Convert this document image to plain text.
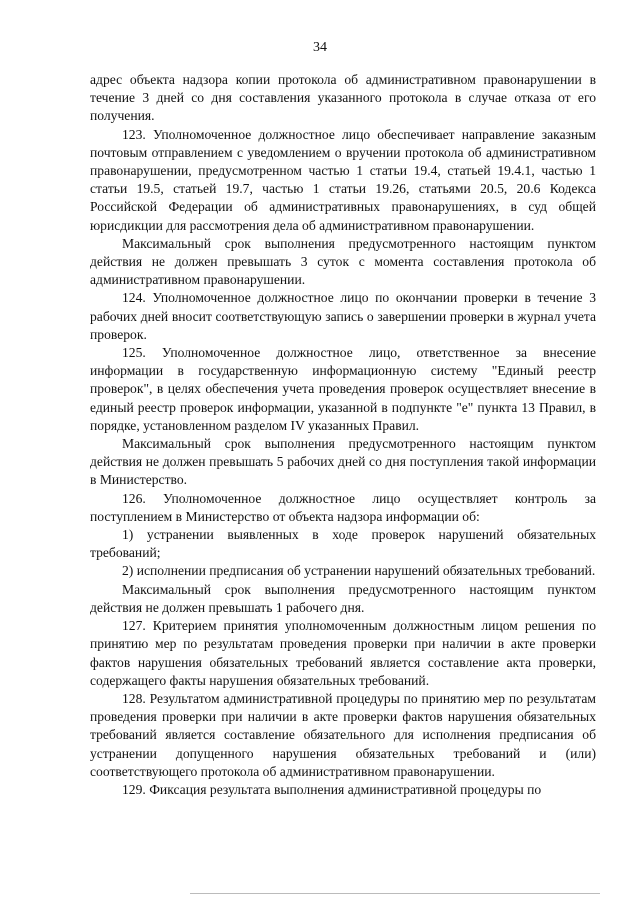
34

адрес объекта надзора копии протокола об административном правонарушении в течение 3 дней со дня составления указанного протокола в случае отказа от его получения.

123. Уполномоченное должностное лицо обеспечивает направление заказным почтовым отправлением с уведомлением о вручении протокола об административном правонарушении, предусмотренном частью 1 статьи 19.4, статьей 19.4.1, частью 1 статьи 19.5, статьей 19.7, частью 1 статьи 19.26, статьями 20.5, 20.6 Кодекса Российской Федерации об административных правонарушениях, в суд общей юрисдикции для рассмотрения дела об административном правонарушении.

Максимальный срок выполнения предусмотренного настоящим пунктом действия не должен превышать 3 суток с момента составления протокола об административном правонарушении.

124. Уполномоченное должностное лицо по окончании проверки в течение 3 рабочих дней вносит соответствующую запись о завершении проверки в журнал учета проверок.

125. Уполномоченное должностное лицо, ответственное за внесение информации в государственную информационную систему "Единый реестр проверок", в целях обеспечения учета проведения проверок осуществляет внесение в единый реестр проверок информации, указанной в подпункте "е" пункта 13 Правил, в порядке, установленном разделом IV указанных Правил.

Максимальный срок выполнения предусмотренного настоящим пунктом действия не должен превышать 5 рабочих дней со дня поступления такой информации в Министерство.

126. Уполномоченное должностное лицо осуществляет контроль за поступлением в Министерство от объекта надзора информации об:

1) устранении выявленных в ходе проверок нарушений обязательных требований;

2) исполнении предписания об устранении нарушений обязательных требований.

Максимальный срок выполнения предусмотренного настоящим пунктом действия не должен превышать 1 рабочего дня.

127. Критерием принятия уполномоченным должностным лицом решения по принятию мер по результатам проведения проверки при наличии в акте проверки фактов нарушения обязательных требований является составление акта проверки, содержащего факты нарушения обязательных требований.

128. Результатом административной процедуры по принятию мер по результатам проведения проверки при наличии в акте проверки фактов нарушения обязательных требований является составление обязательного для исполнения предписания об устранении допущенного нарушения обязательных требований и (или) соответствующего протокола об административном правонарушении.

129. Фиксация результата выполнения административной процедуры по
